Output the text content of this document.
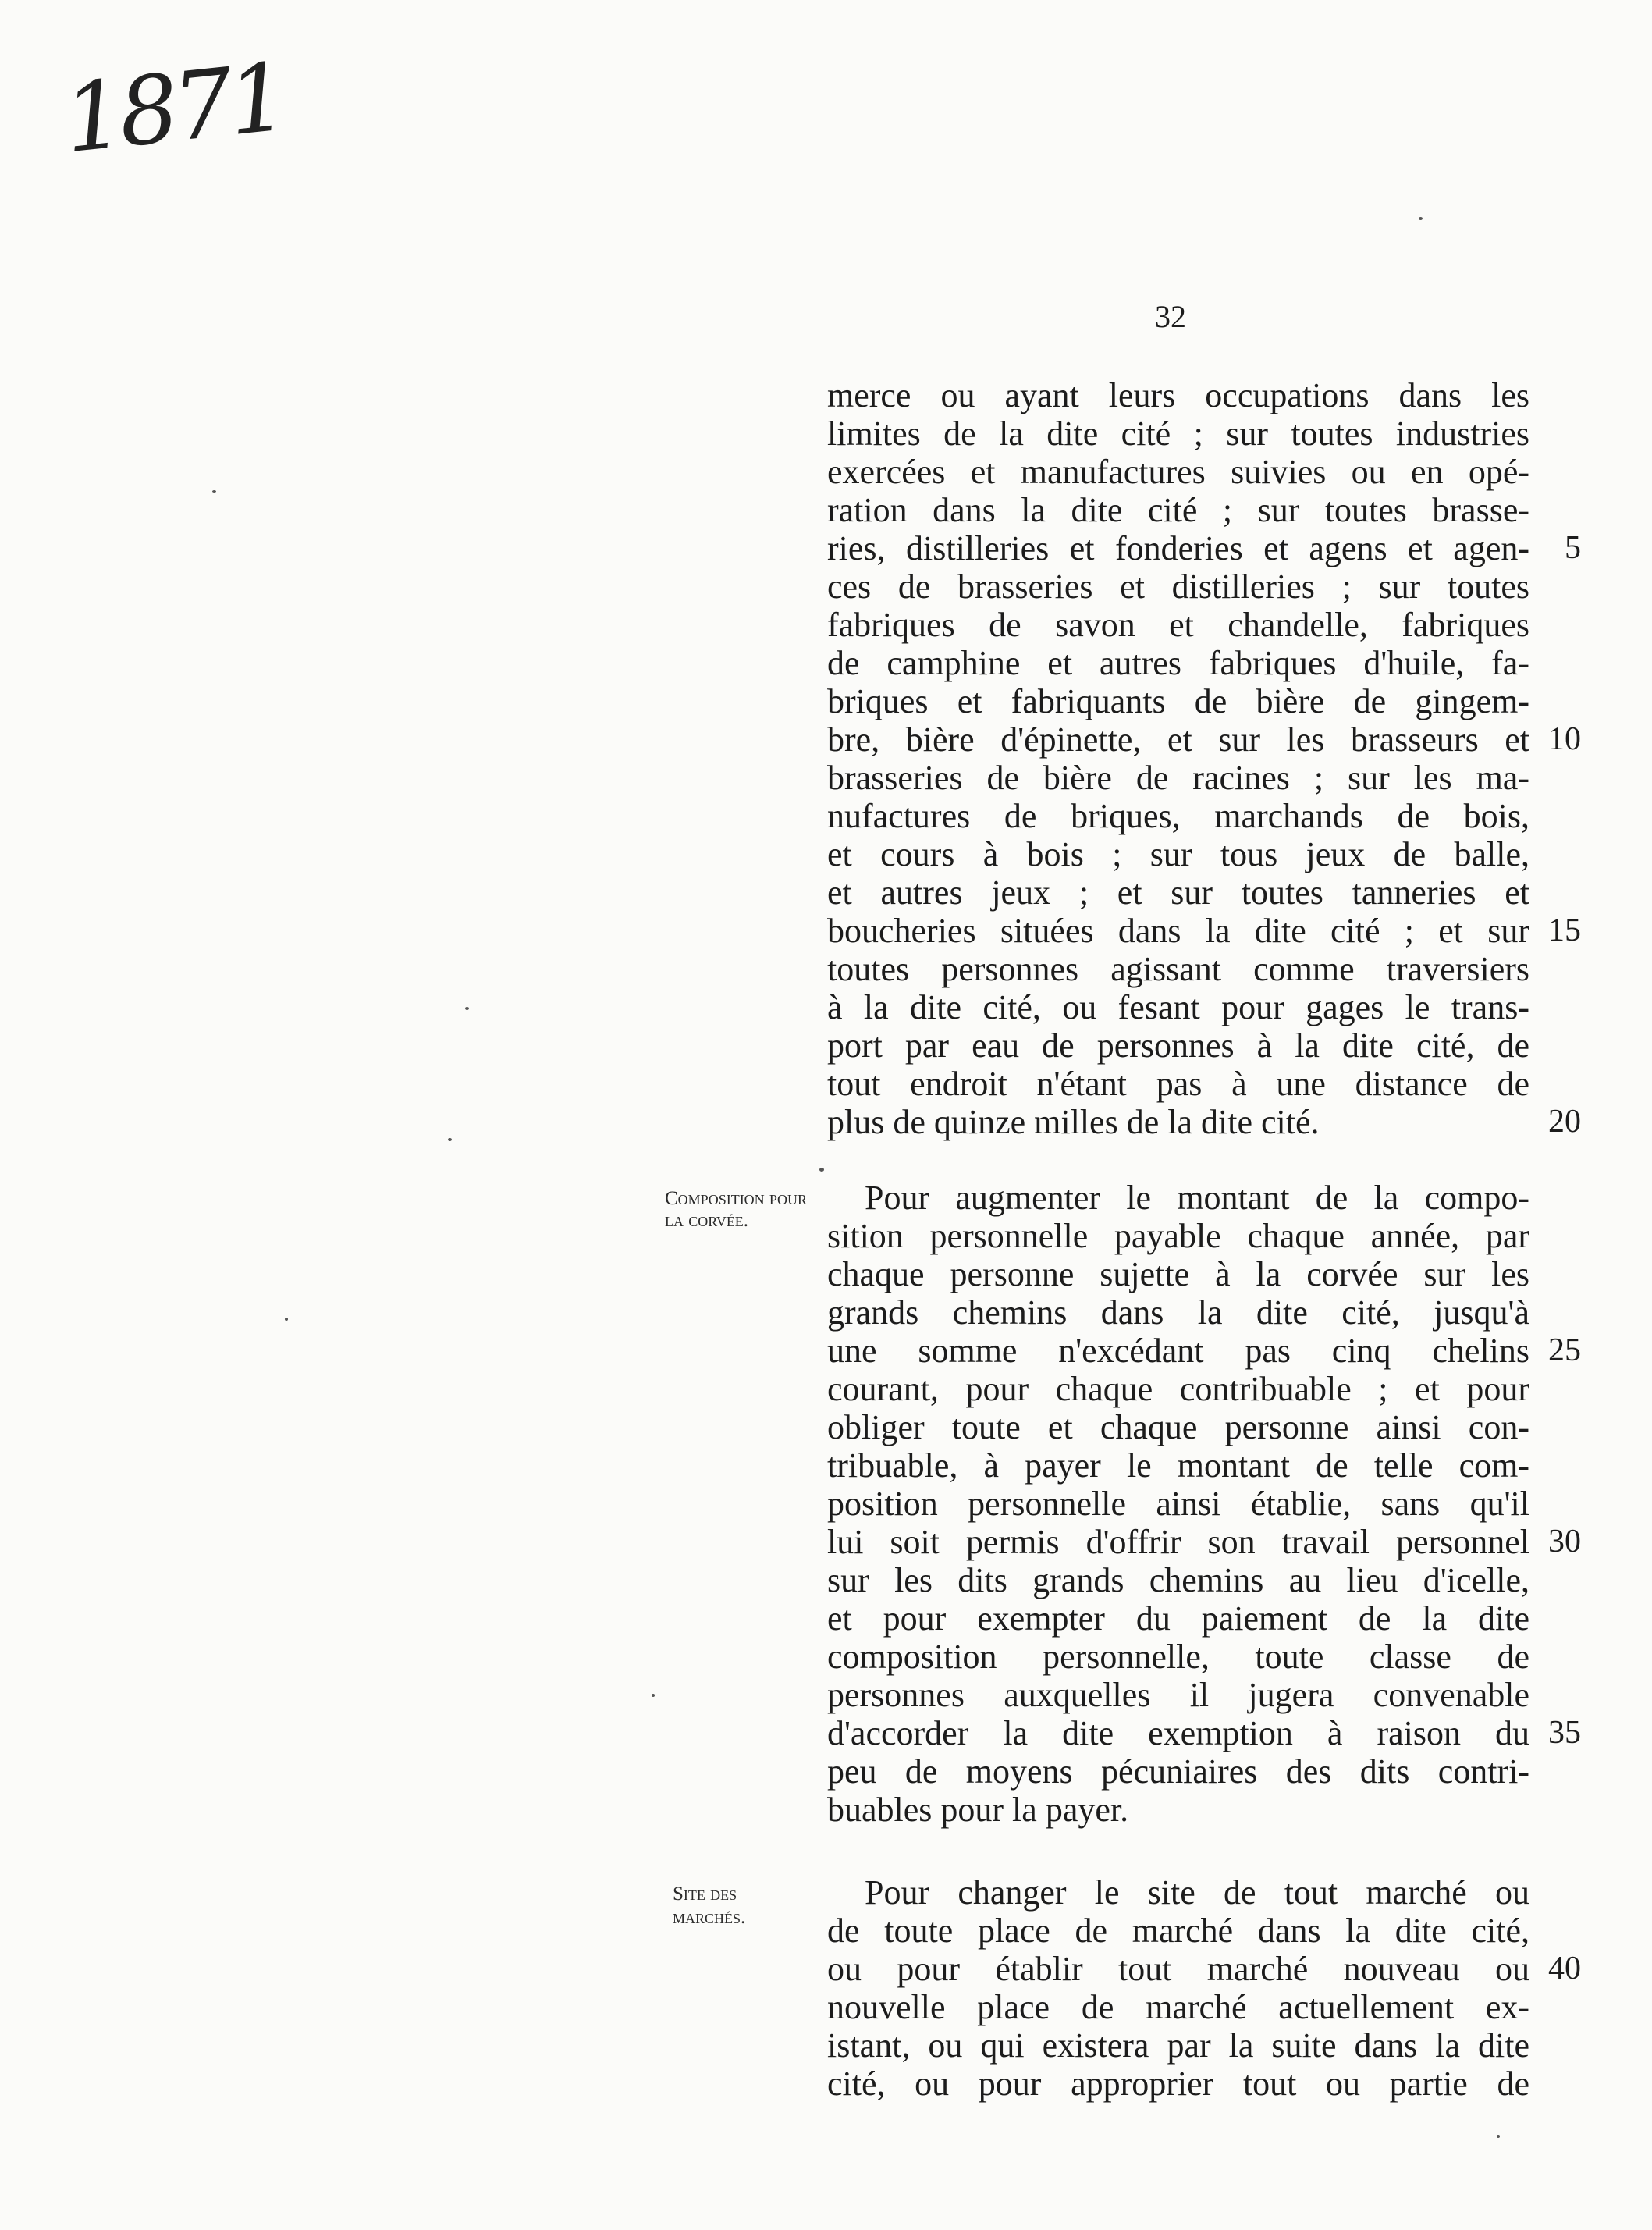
1871
32
Composition pour la corvée.
Site des marchés.
merce ou ayant leurs occupations dans les
limites de la dite cité ; sur toutes industries
exercées et manufactures suivies ou en opé-
ration dans la dite cité ; sur toutes brasse-
ries, distilleries et fonderies et agens et agen-
ces de brasseries et distilleries ; sur toutes
fabriques de savon et chandelle, fabriques
de camphine et autres fabriques d'huile, fa-
briques et fabriquants de bière de gingem-
bre, bière d'épinette, et sur les brasseurs et
brasseries de bière de racines ; sur les ma-
nufactures de briques, marchands de bois,
et cours à bois ; sur tous jeux de balle,
et autres jeux ; et sur toutes tanneries et
boucheries situées dans la dite cité ; et sur
toutes personnes agissant comme traversiers
à la dite cité, ou fesant pour gages le trans-
port par eau de personnes à la dite cité, de
tout endroit n'étant pas à une distance de
plus de quinze milles de la dite cité.
Pour augmenter le montant de la compo-
sition personnelle payable chaque année, par
chaque personne sujette à la corvée sur les
grands chemins dans la dite cité, jusqu'à
une somme n'excédant pas cinq chelins
courant, pour chaque contribuable ; et pour
obliger toute et chaque personne ainsi con-
tribuable, à payer le montant de telle com-
position personnelle ainsi établie, sans qu'il
lui soit permis d'offrir son travail personnel
sur les dits grands chemins au lieu d'icelle,
et pour exempter du paiement de la dite
composition personnelle, toute classe de
personnes auxquelles il jugera convenable
d'accorder la dite exemption à raison du
peu de moyens pécuniaires des dits contri-
buables pour la payer.
Pour changer le site de tout marché ou
de toute place de marché dans la dite cité,
ou pour établir tout marché nouveau ou
nouvelle place de marché actuellement ex-
istant, ou qui existera par la suite dans la dite
cité, ou pour approprier tout ou partie de
5
10
15
20
25
30
35
40
